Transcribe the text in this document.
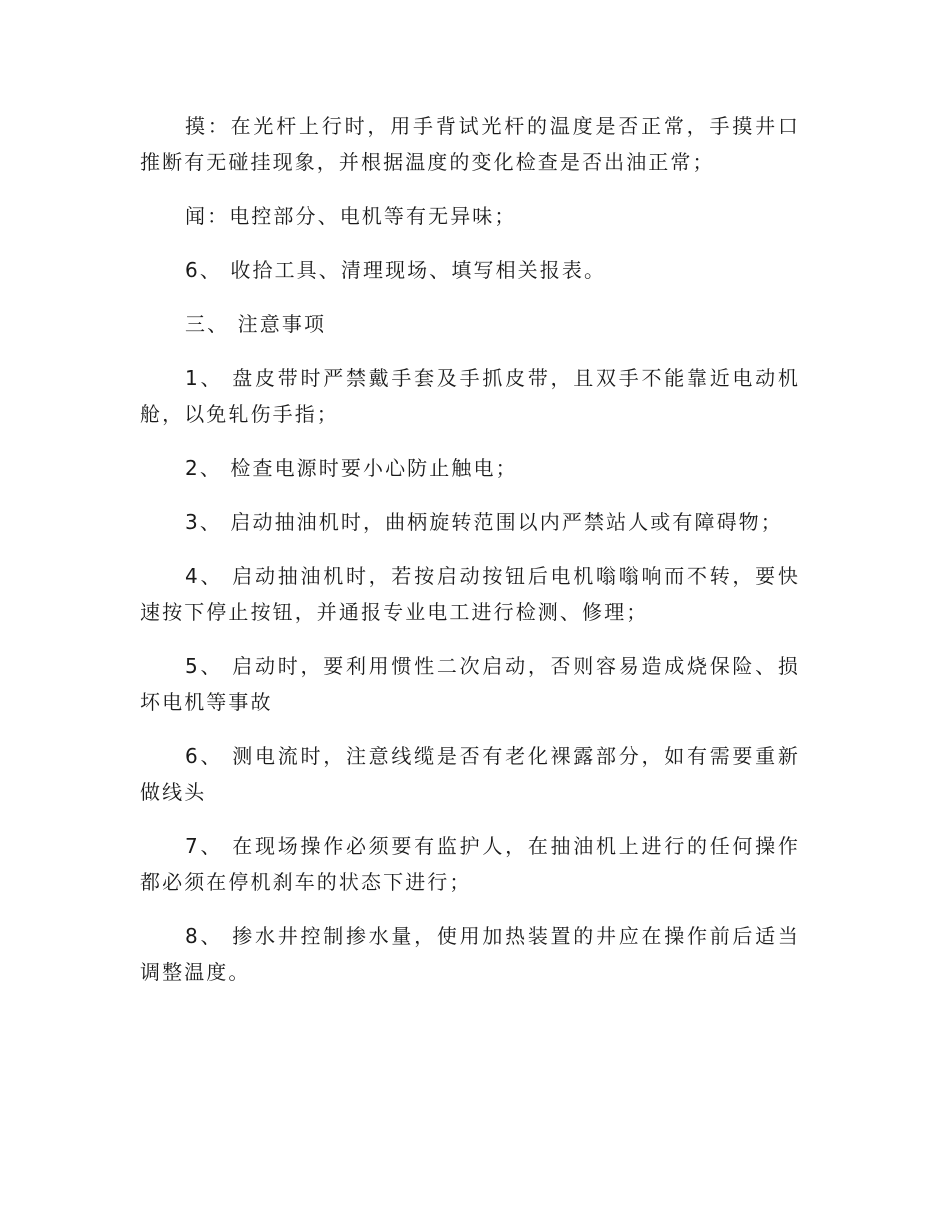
摸：在光杆上行时，用手背试光杆的温度是否正常，手摸井口推断有无碰挂现象，并根据温度的变化检查是否出油正常；

闻：电控部分、电机等有无异味；

6、 收拾工具、清理现场、填写相关报表。

三、 注意事项

1、 盘皮带时严禁戴手套及手抓皮带，且双手不能靠近电动机舱，以免轧伤手指；

2、 检查电源时要小心防止触电；

3、 启动抽油机时，曲柄旋转范围以内严禁站人或有障碍物；

4、 启动抽油机时，若按启动按钮后电机嗡嗡响而不转，要快速按下停止按钮，并通报专业电工进行检测、修理；

5、 启动时，要利用惯性二次启动，否则容易造成烧保险、损坏电机等事故

6、 测电流时，注意线缆是否有老化裸露部分，如有需要重新做线头

7、 在现场操作必须要有监护人，在抽油机上进行的任何操作都必须在停机刹车的状态下进行；

8、 掺水井控制掺水量，使用加热装置的井应在操作前后适当调整温度。
